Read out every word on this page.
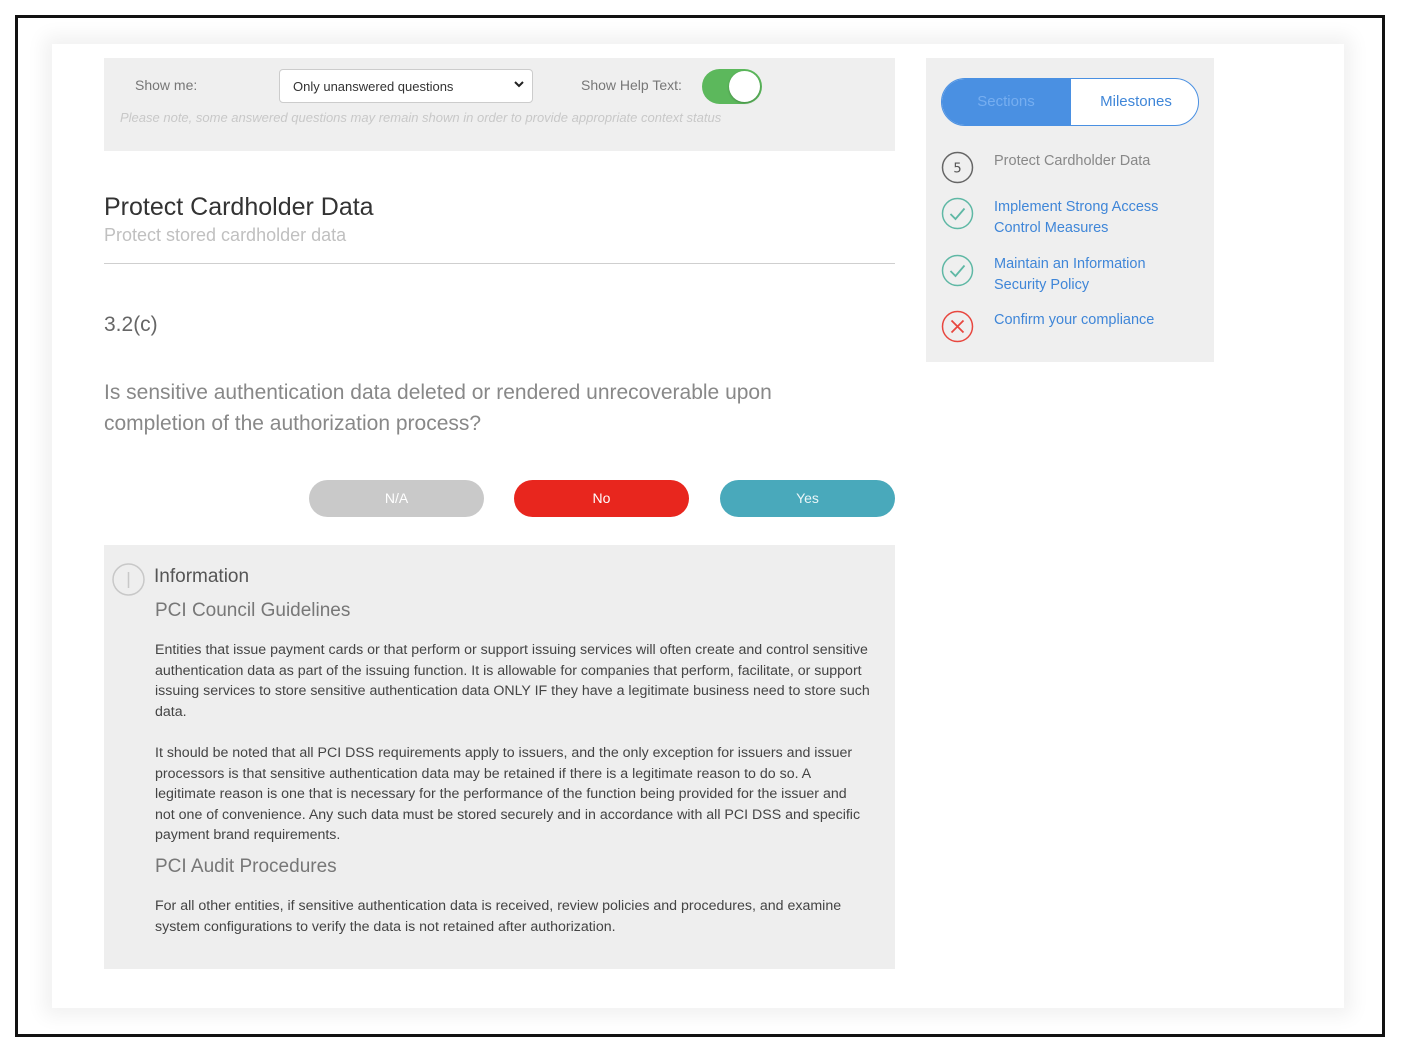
Show me:	Only unanswered questions	Show Help Text:
Please note, some answered questions may remain shown in order to provide appropriate context status
Protect Cardholder Data
Protect stored cardholder data
3.2(c)
Is sensitive authentication data deleted or rendered unrecoverable upon completion of the authorization process?
N/A	No	Yes
Information
PCI Council Guidelines

Entities that issue payment cards or that perform or support issuing services will often create and control sensitive authentication data as part of the issuing function. It is allowable for companies that perform, facilitate, or support issuing services to store sensitive authentication data ONLY IF they have a legitimate business need to store such data.

It should be noted that all PCI DSS requirements apply to issuers, and the only exception for issuers and issuer processors is that sensitive authentication data may be retained if there is a legitimate reason to do so. A legitimate reason is one that is necessary for the performance of the function being provided for the issuer and not one of convenience. Any such data must be stored securely and in accordance with all PCI DSS and specific payment brand requirements.

PCI Audit Procedures

For all other entities, if sensitive authentication data is received, review policies and procedures, and examine system configurations to verify the data is not retained after authorization.

Sections	Milestones
5 Protect Cardholder Data
Implement Strong Access Control Measures
Maintain an Information Security Policy
Confirm your compliance
